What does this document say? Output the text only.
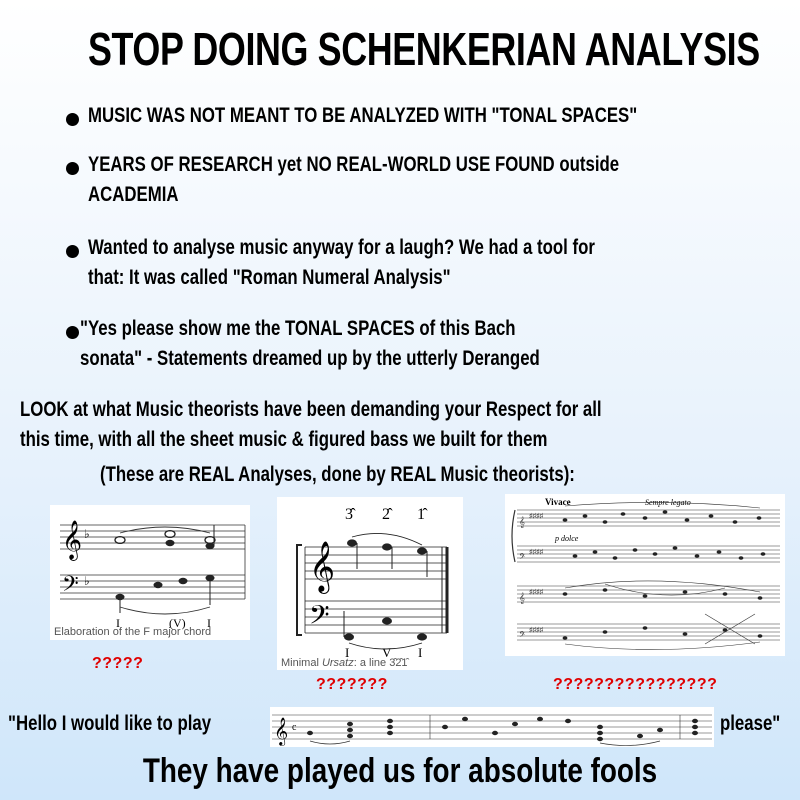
STOP DOING SCHENKERIAN ANALYSIS
MUSIC WAS NOT MEANT TO BE ANALYZED WITH "TONAL SPACES"
YEARS OF RESEARCH yet NO REAL-WORLD USE FOUND outside
ACADEMIA
Wanted to analyse music anyway for a laugh? We had a tool for
that: It was called "Roman Numeral Analysis"
"Yes please show me the TONAL SPACES of this Bach
sonata" - Statements dreamed up by the utterly Deranged
LOOK at what Music theorists have been demanding your Respect for all
this time, with all the sheet music & figured bass we built for them
(These are REAL Analyses, done by REAL Music theorists):
𝄞
𝄢
♭
♭
I	(V) I
Elaboration of the F major chord
?????
3̂ 2̂ 1̂
𝄞
𝄢
I	V I
Minimal Ursatz: a line 3̂2̂1̂
???????
Vivace	Sempre legato
p dolce
𝄞
𝄢
𝄞
𝄢
♯♯♯♯
♯♯♯♯
♯♯♯♯
♯♯♯♯
????????????????
"Hello I would like to play	𝄞 c	please"
They have played us for absolute fools
